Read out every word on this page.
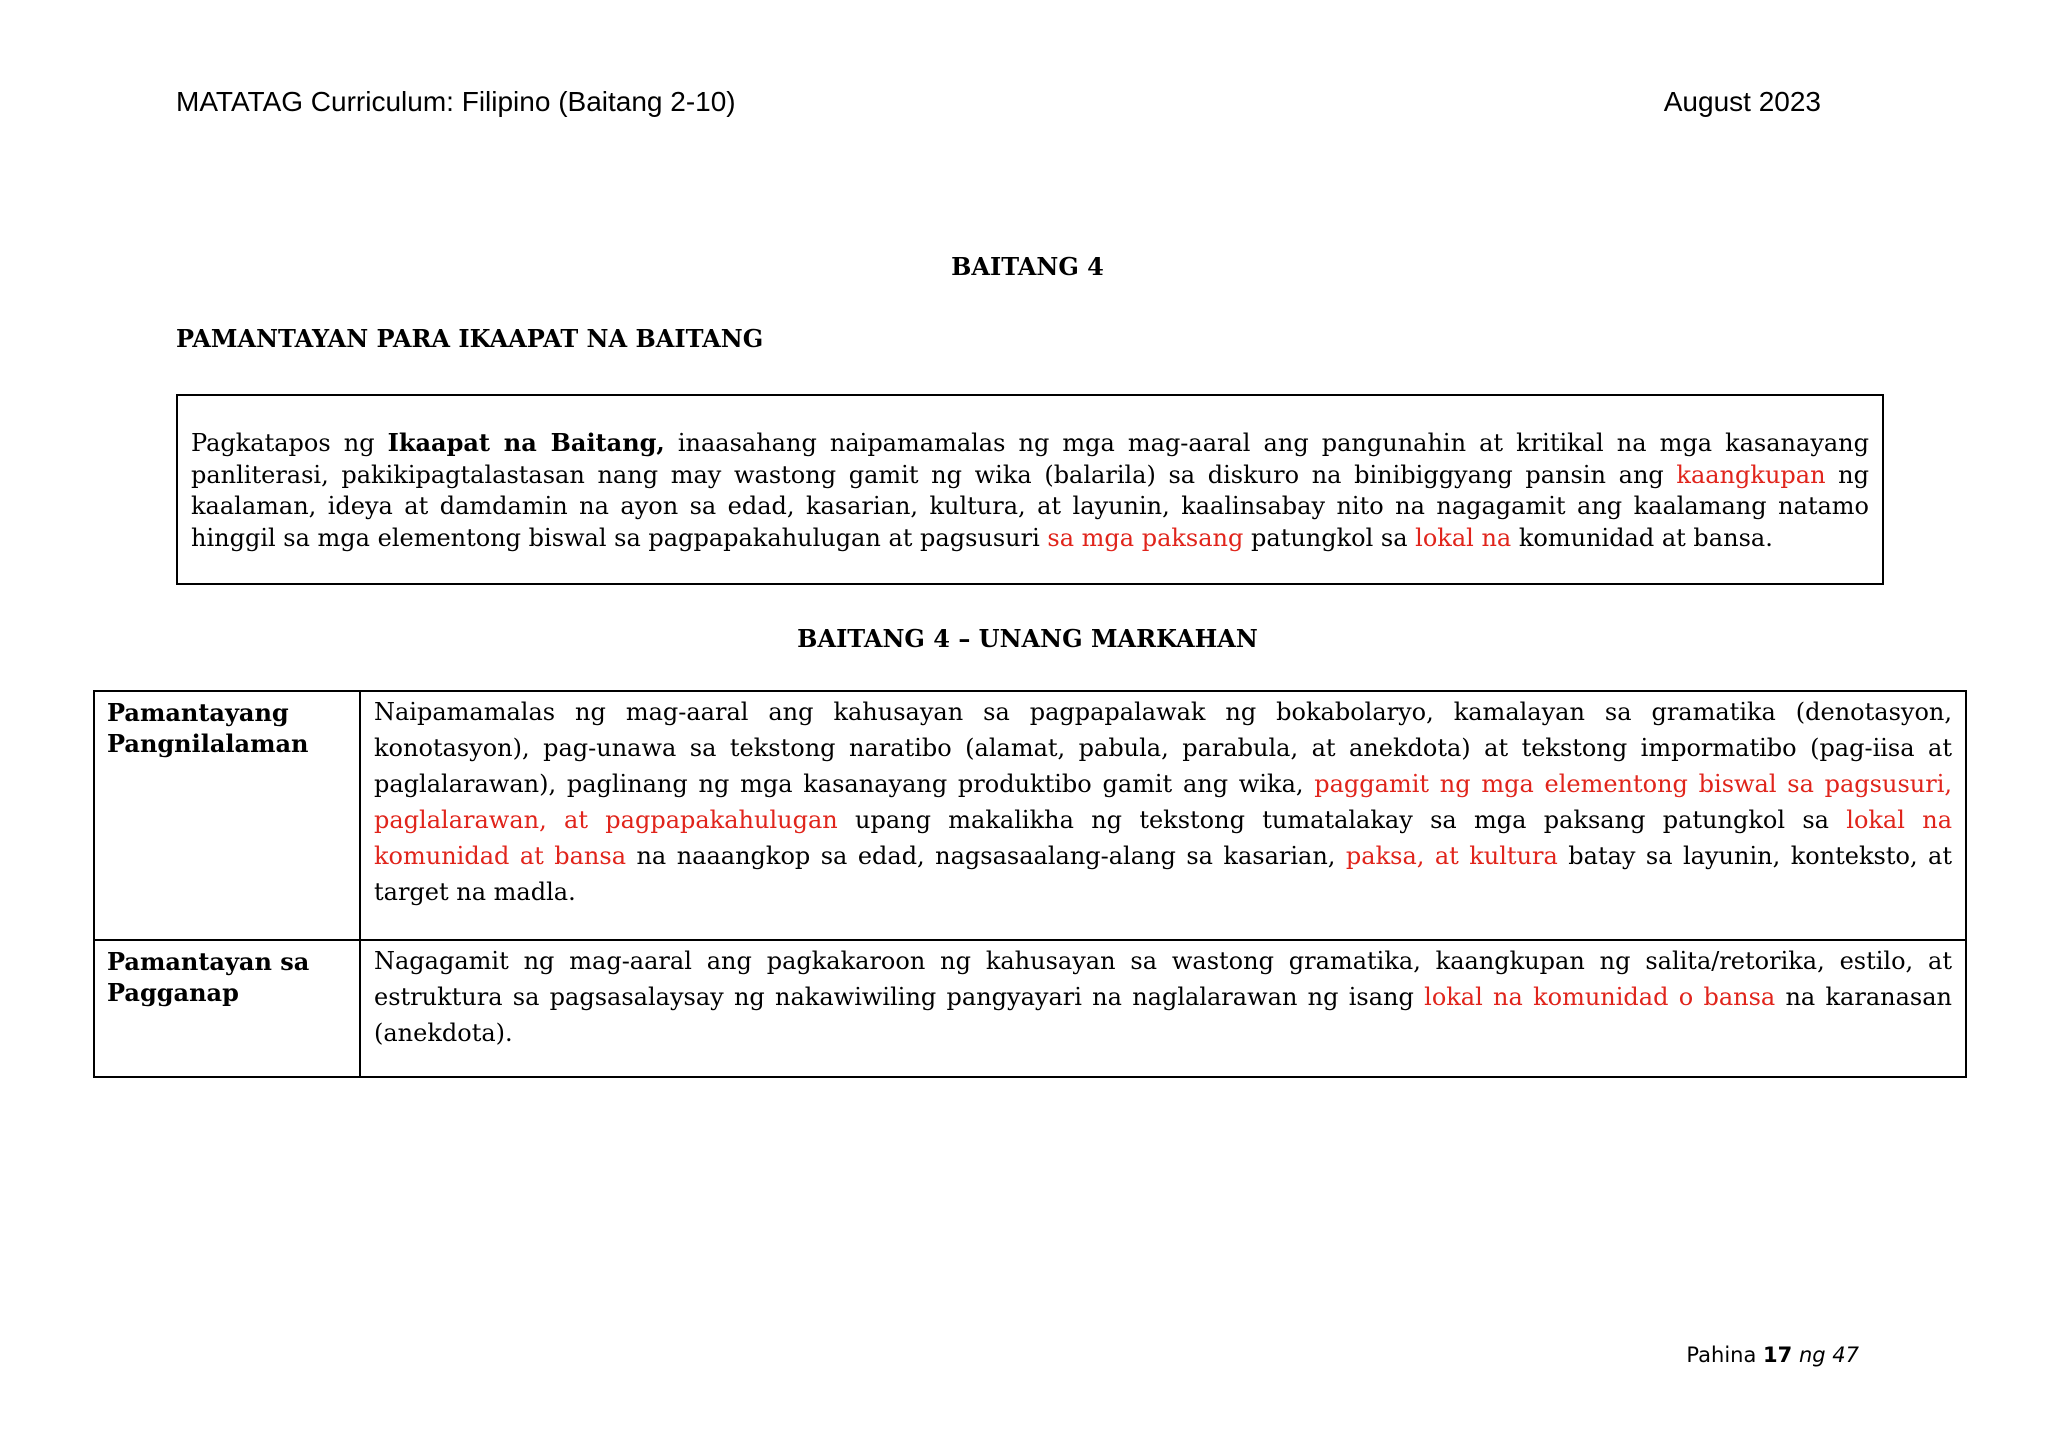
MATATAG Curriculum: Filipino (Baitang 2-10)	August 2023
BAITANG 4
PAMANTAYAN PARA IKAAPAT NA BAITANG

Pagkatapos ng Ikaapat na Baitang, inaasahang naipamamalas ng mga mag-aaral ang pangunahin at kritikal na mga kasanayang panliterasi, pakikipagtalastasan nang may wastong gamit ng wika (balarila) sa diskuro na binibiggyang pansin ang kaangkupan ng kaalaman, ideya at damdamin na ayon sa edad, kasarian, kultura, at layunin, kaalinsabay nito na nagagamit ang kaalamang natamo hinggil sa mga elementong biswal sa pagpapakahulugan at pagsusuri sa mga paksang patungkol sa lokal na komunidad at bansa.

BAITANG 4 – UNANG MARKAHAN
Pamantayang Pangnilalaman	Naipamamalas ng mag-aaral ang kahusayan sa pagpapalawak ng bokabolaryo, kamalayan sa gramatika (denotasyon, konotasyon), pag-unawa sa tekstong naratibo (alamat, pabula, parabula, at anekdota) at tekstong impormatibo (pag-iisa at paglalarawan), paglinang ng mga kasanayang produktibo gamit ang wika, paggamit ng mga elementong biswal sa pagsusuri, paglalarawan, at pagpapakahulugan upang makalikha ng tekstong tumatalakay sa mga paksang patungkol sa lokal na komunidad at bansa na naaangkop sa edad, nagsasaalang-alang sa kasarian, paksa, at kultura batay sa layunin, konteksto, at target na madla.
Pamantayan sa Pagganap	Nagagamit ng mag-aaral ang pagkakaroon ng kahusayan sa wastong gramatika, kaangkupan ng salita/retorika, estilo, at estruktura sa pagsasalaysay ng nakawiwiling pangyayari na naglalarawan ng isang lokal na komunidad o bansa na karanasan (anekdota).
Pahina 17 ng 47
